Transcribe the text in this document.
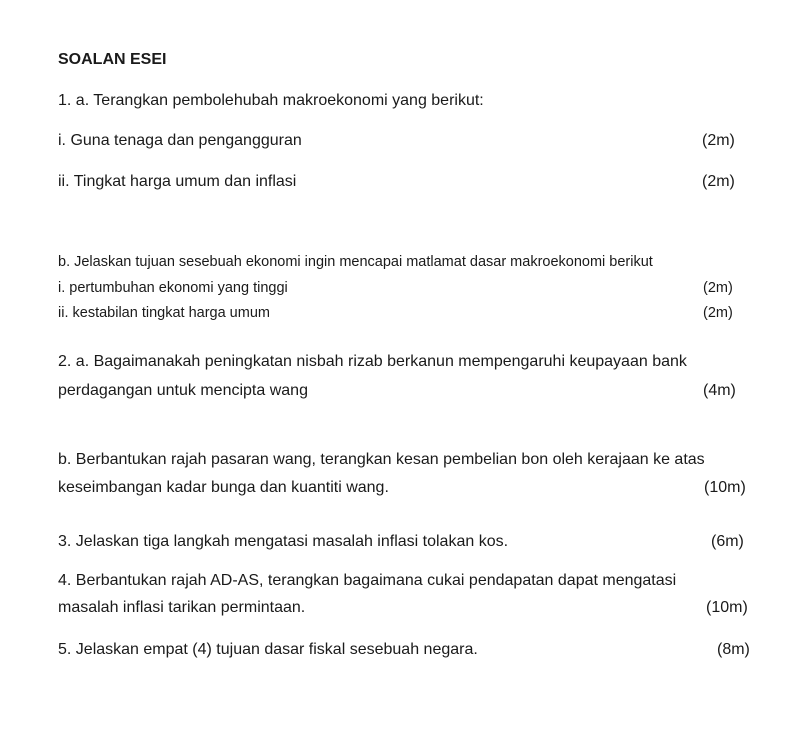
SOALAN ESEI
1. a. Terangkan pembolehubah makroekonomi yang berikut:
i. Guna tenaga dan pengangguran	(2m)
ii. Tingkat harga umum dan inflasi	(2m)
b. Jelaskan tujuan sesebuah ekonomi ingin mencapai matlamat dasar makroekonomi berikut
i. pertumbuhan ekonomi yang tinggi	(2m)
ii. kestabilan tingkat harga umum	(2m)
2. a. Bagaimanakah peningkatan nisbah rizab berkanun mempengaruhi keupayaan bank
perdagangan untuk mencipta wang	(4m)
b. Berbantukan rajah pasaran wang, terangkan kesan pembelian bon oleh kerajaan ke atas
keseimbangan kadar bunga dan kuantiti wang.	(10m)
3. Jelaskan tiga langkah mengatasi masalah inflasi tolakan kos.	(6m)
4. Berbantukan rajah AD-AS, terangkan bagaimana cukai pendapatan dapat mengatasi
masalah inflasi tarikan permintaan.	(10m)
5. Jelaskan empat (4) tujuan dasar fiskal sesebuah negara.	(8m)
